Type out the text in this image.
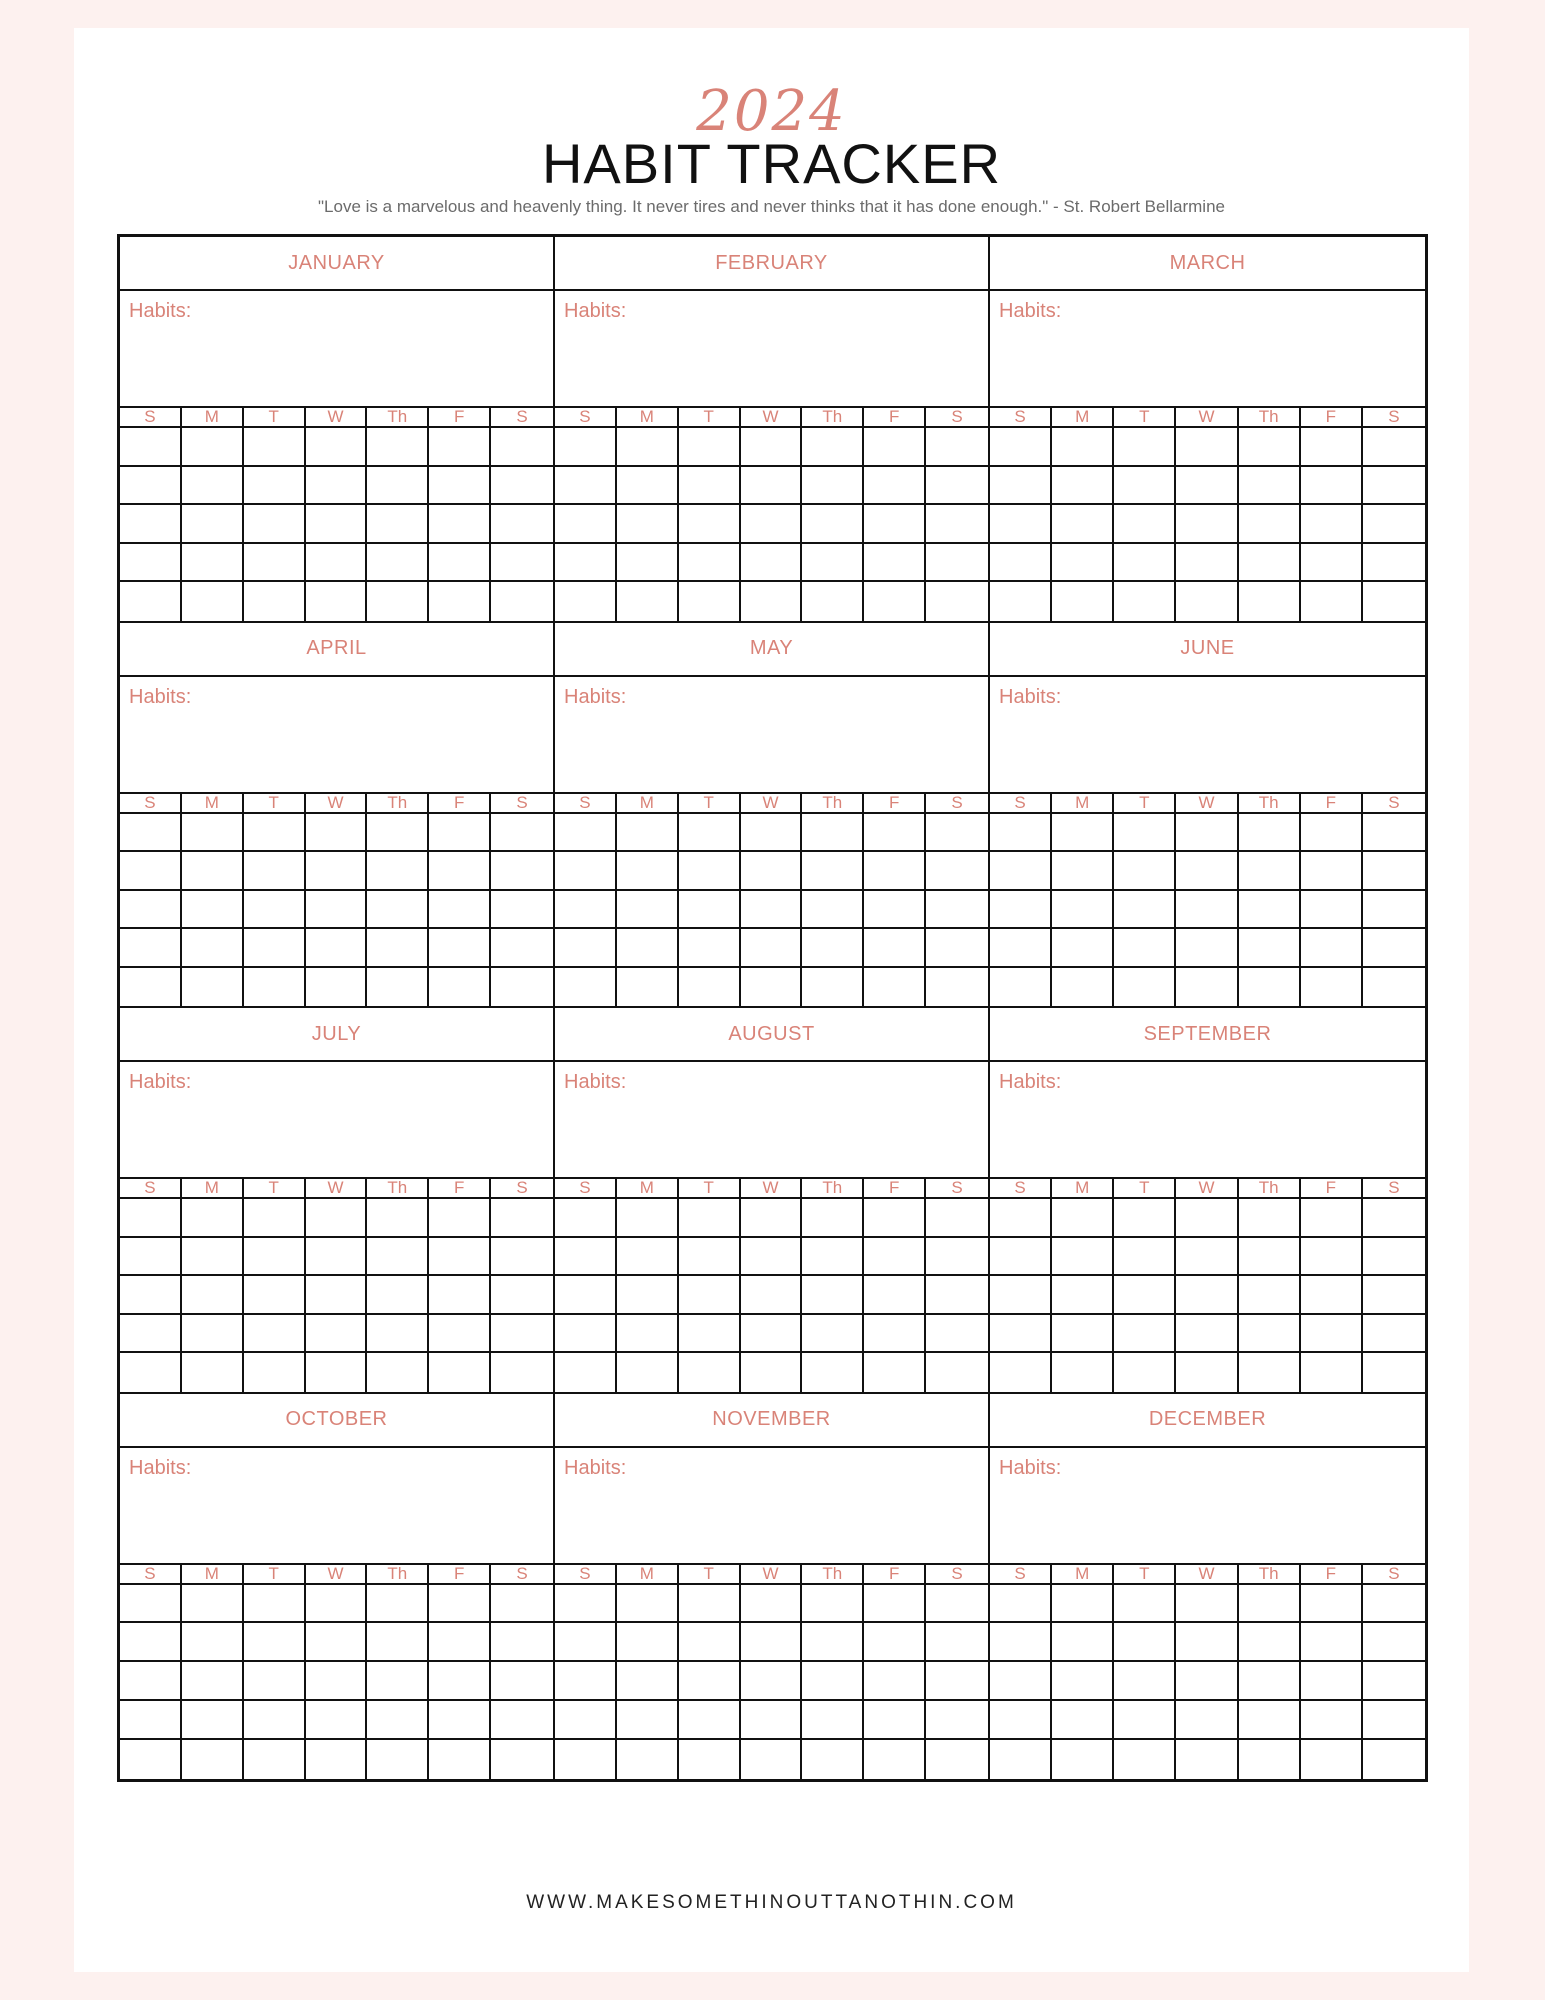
2024
HABIT TRACKER
"Love is a marvelous and heavenly thing. It never tires and never thinks that it has done enough." - St. Robert Bellarmine
WWW.MAKESOMETHINOUTTANOTHIN.COM
JANUARY
Habits:
S	M	T	W	Th	F	S
FEBRUARY
Habits:
S	M	T	W	Th	F	S
MARCH
Habits:
S	M	T	W	Th	F	S
APRIL
Habits:
S	M	T	W	Th	F	S
MAY
Habits:
S	M	T	W	Th	F	S
JUNE
Habits:
S	M	T	W	Th	F	S
JULY
Habits:
S	M	T	W	Th	F	S
AUGUST
Habits:
S	M	T	W	Th	F	S
SEPTEMBER
Habits:
S	M	T	W	Th	F	S
OCTOBER
Habits:
S	M	T	W	Th	F	S
NOVEMBER
Habits:
S	M	T	W	Th	F	S
DECEMBER
Habits:
S	M	T	W	Th	F	S
